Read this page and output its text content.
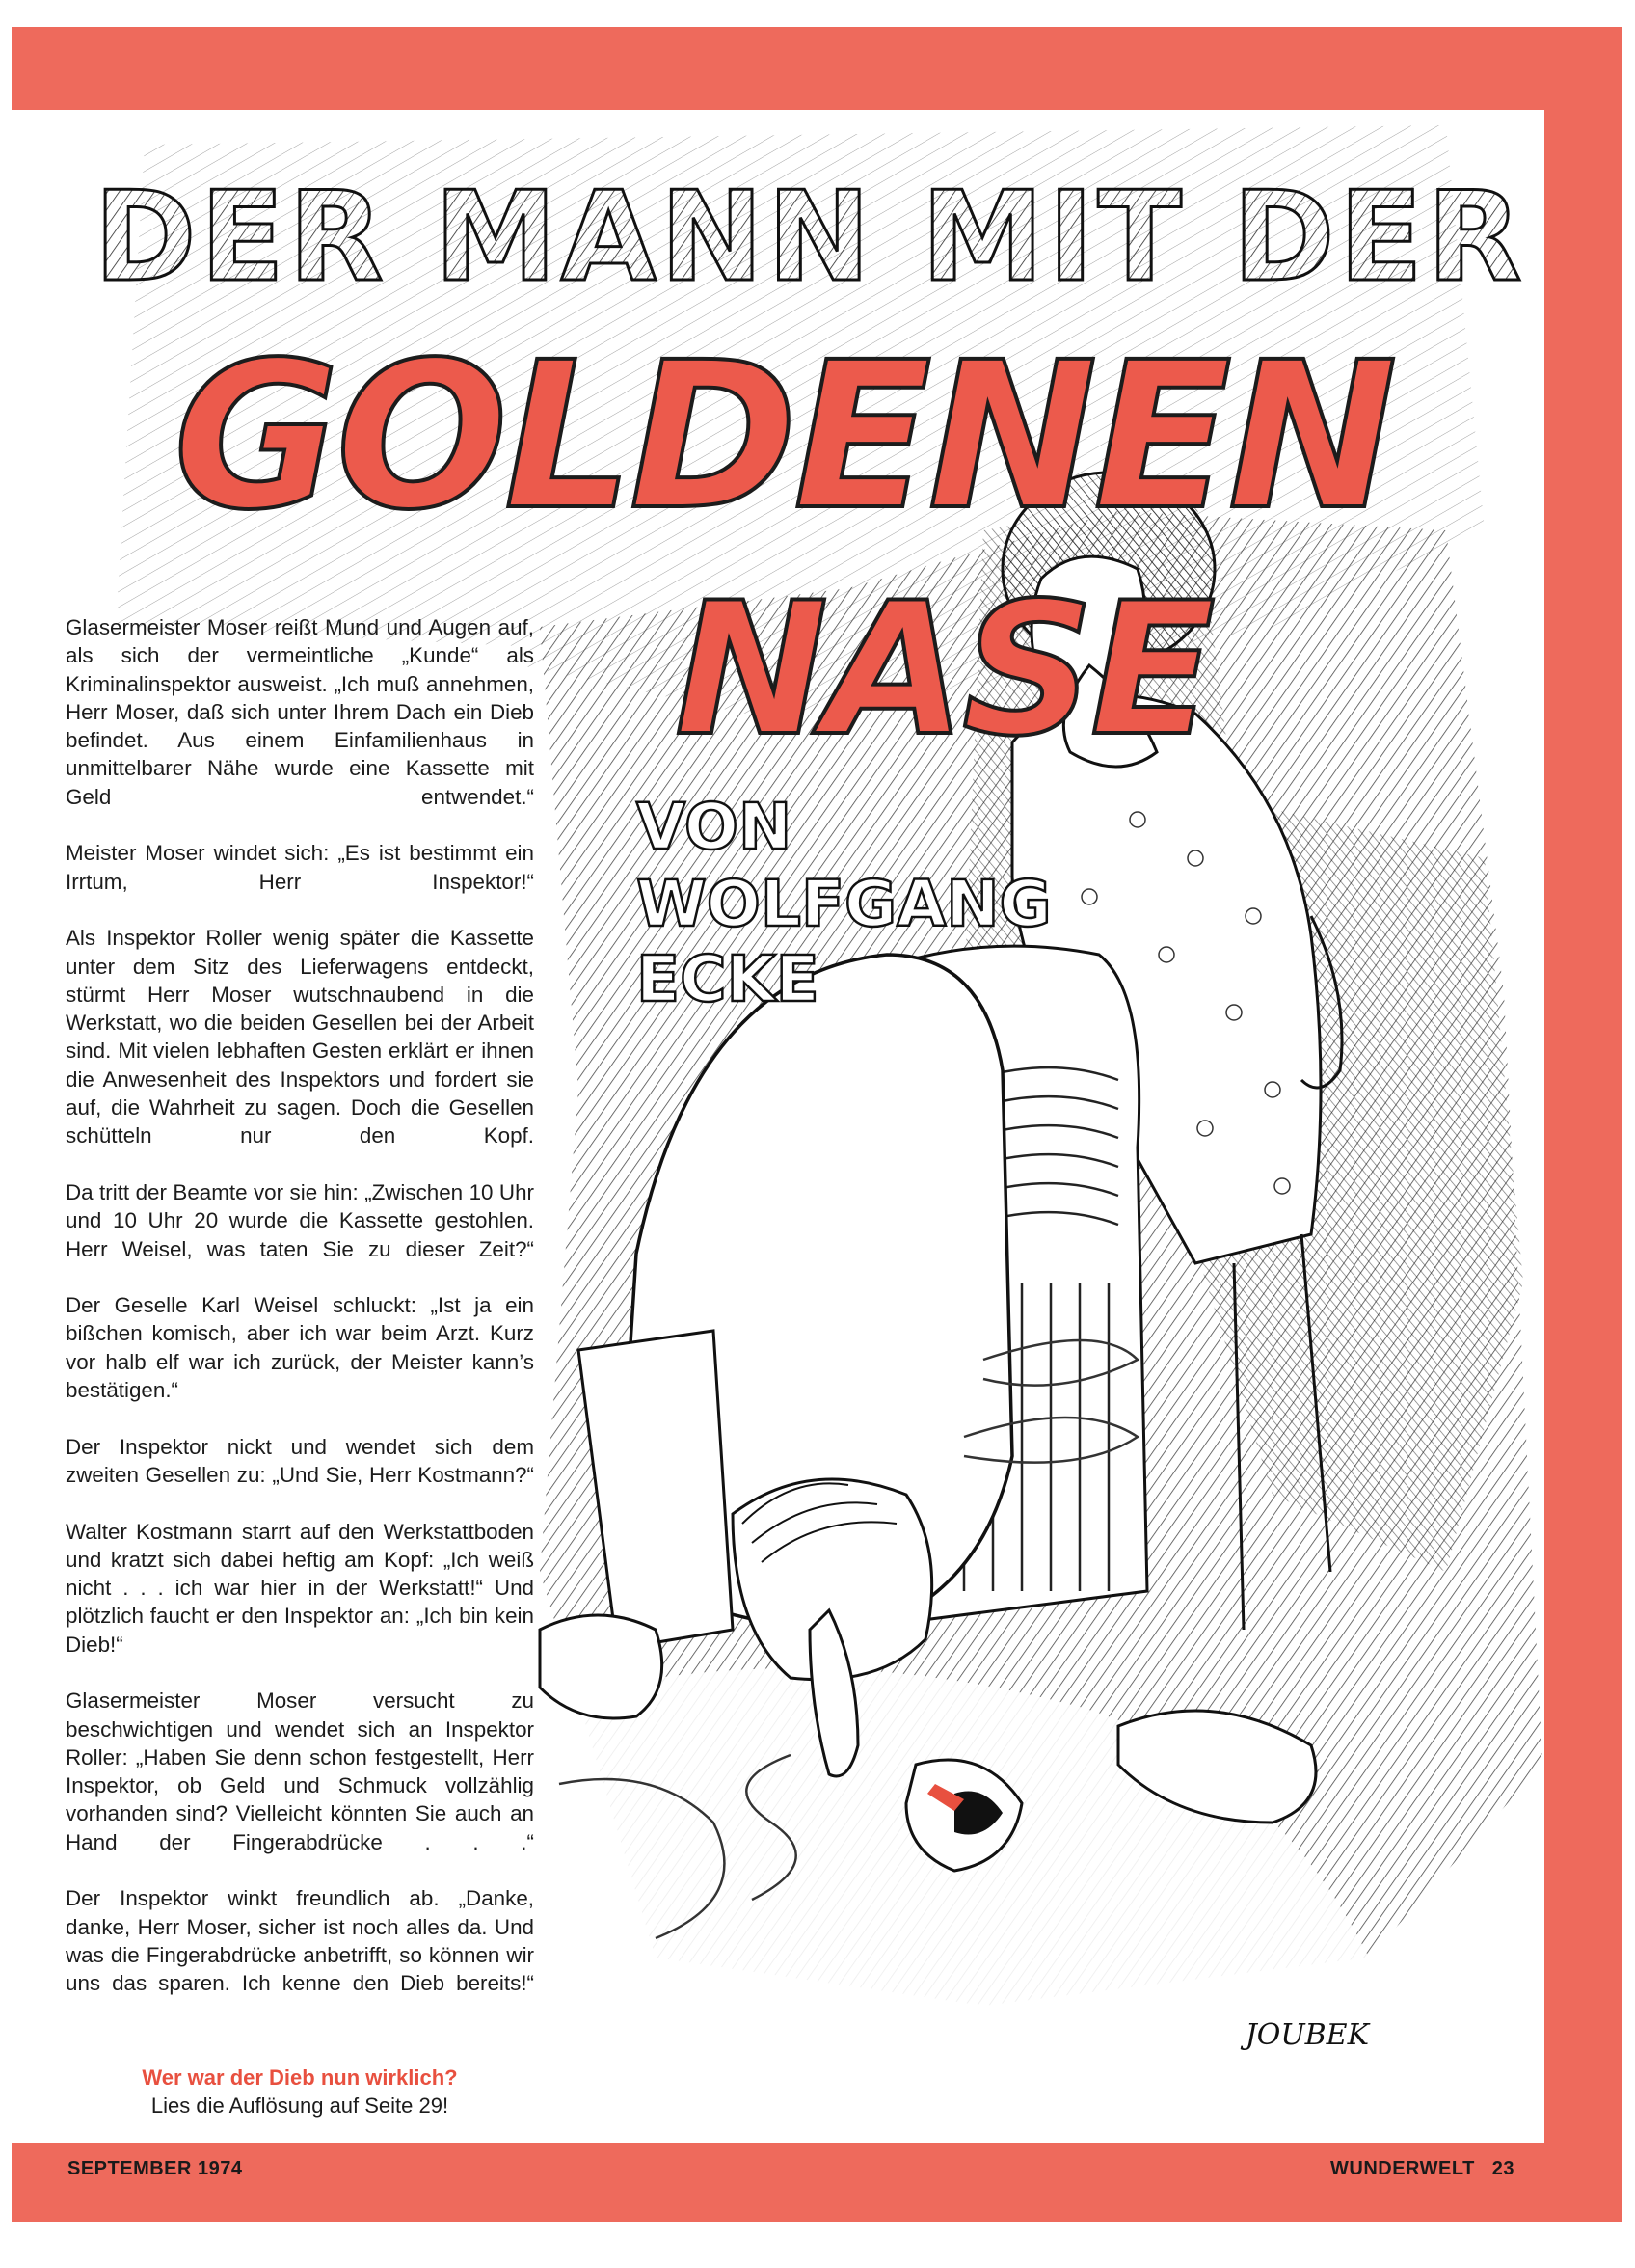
JOUBEK
DER MANN MIT DER
GOLDENEN
NASE
VON
WOLFGANG
ECKE

Glasermeister Moser reißt Mund und Augen auf, als sich der vermeintliche „Kunde“ als Kriminalinspektor ausweist. „Ich muß annehmen, Herr Moser, daß sich unter Ihrem Dach ein Dieb befindet. Aus einem Einfamilienhaus in unmittelbarer Nähe wurde eine Kassette mit Geld entwendet.“

Meister Moser windet sich: „Es ist bestimmt ein Irrtum, Herr Inspektor!“

Als Inspektor Roller wenig später die Kassette unter dem Sitz des Lieferwagens entdeckt, stürmt Herr Moser wutschnaubend in die Werkstatt, wo die beiden Gesellen bei der Arbeit sind. Mit vielen lebhaften Gesten erklärt er ihnen die Anwesenheit des Inspektors und fordert sie auf, die Wahrheit zu sagen. Doch die Gesellen schütteln nur den Kopf.

Da tritt der Beamte vor sie hin: „Zwischen 10 Uhr und 10 Uhr 20 wurde die Kassette gestohlen. Herr Weisel, was taten Sie zu dieser Zeit?“

Der Geselle Karl Weisel schluckt: „Ist ja ein bißchen komisch, aber ich war beim Arzt. Kurz vor halb elf war ich zurück, der Meister kann’s bestätigen.“

Der Inspektor nickt und wendet sich dem zweiten Gesellen zu: „Und Sie, Herr Kostmann?“

Walter Kostmann starrt auf den Werkstattboden und kratzt sich dabei heftig am Kopf: „Ich weiß nicht . . . ich war hier in der Werkstatt!“ Und plötzlich faucht er den Inspektor an: „Ich bin kein Dieb!“

Glasermeister Moser versucht zu beschwichtigen und wendet sich an Inspektor Roller: „Haben Sie denn schon festgestellt, Herr Inspektor, ob Geld und Schmuck vollzählig vorhanden sind? Vielleicht könnten Sie auch an Hand der Fingerabdrücke . . .“

Der Inspektor winkt freundlich ab. „Danke, danke, Herr Moser, sicher ist noch alles da. Und was die Fingerabdrücke anbetrifft, so können wir uns das sparen. Ich kenne den Dieb bereits!“

Wer war der Dieb nun wirklich?
Lies die Auflösung auf Seite 29!
SEPTEMBER 1974	WUNDERWELT 23
